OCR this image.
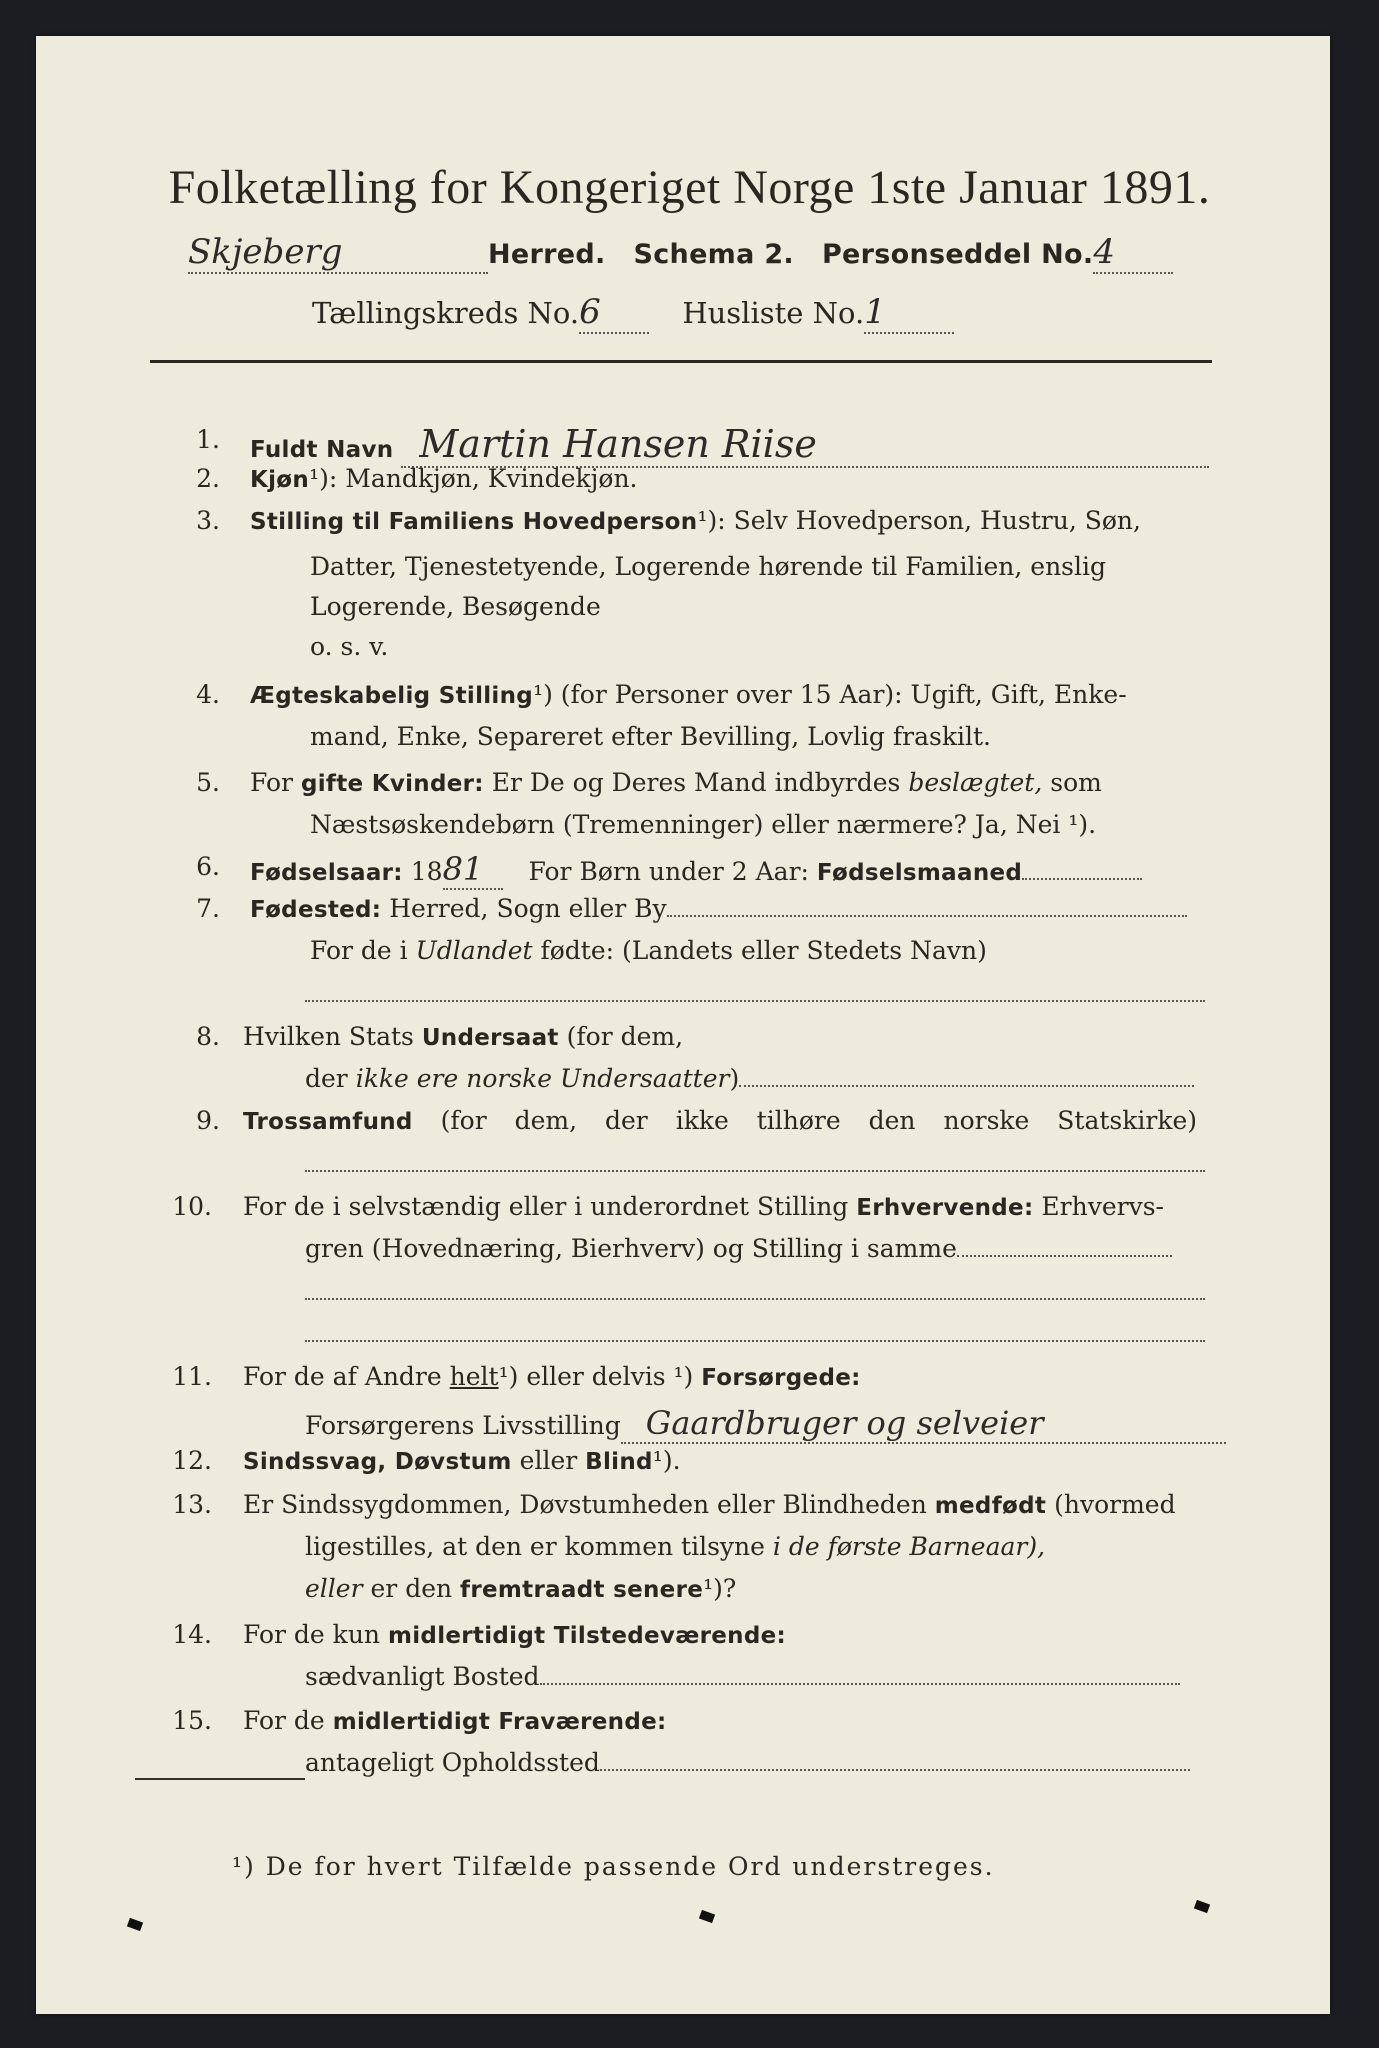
Folketælling for Kongeriget Norge 1ste Januar 1891.
Skjeberg	Herred. Schema 2. Personseddel No.4
Tællingskreds No.6	Husliste No.1
1. Fuldt Navn Martin Hansen Riise
2. Kjøn¹): Mandkjøn, Kvindekjøn.
3. Stilling til Familiens Hovedperson¹): Selv Hovedperson, Hustru, Søn,
Datter, Tjenestetyende, Logerende hørende til Familien, enslig
Logerende, Besøgende
o. s. v.
4. Ægteskabelig Stilling¹) (for Personer over 15 Aar): Ugift, Gift, Enke-
mand, Enke, Separeret efter Bevilling, Lovlig fraskilt.
5. For gifte Kvinder: Er De og Deres Mand indbyrdes beslægtet, som
Næstsøskendebørn (Tremenninger) eller nærmere? Ja, Nei ¹).
6. Fødselsaar: 1881 For Børn under 2 Aar: Fødselsmaaned
7. Fødested: Herred, Sogn eller By
For de i Udlandet fødte: (Landets eller Stedets Navn)
8. Hvilken Stats Undersaat (for dem,
der ikke ere norske Undersaatter)
9. Trossamfund (for dem, der ikke tilhøre den norske Statskirke)
10. For de i selvstændig eller i underordnet Stilling Erhvervende: Erhvervs-
gren (Hovednæring, Bierhverv) og Stilling i samme
11. For de af Andre helt¹) eller delvis ¹) Forsørgede:
Forsørgerens Livsstilling Gaardbruger og selveier
12. Sindssvag, Døvstum eller Blind¹).
13. Er Sindssygdommen, Døvstumheden eller Blindheden medfødt (hvormed
ligestilles, at den er kommen tilsyne i de første Barneaar),
eller er den fremtraadt senere¹)?
14. For de kun midlertidigt Tilstedeværende:
sædvanligt Bosted
15. For de midlertidigt Fraværende:
antageligt Opholdssted
¹) De for hvert Tilfælde passende Ord understreges.
